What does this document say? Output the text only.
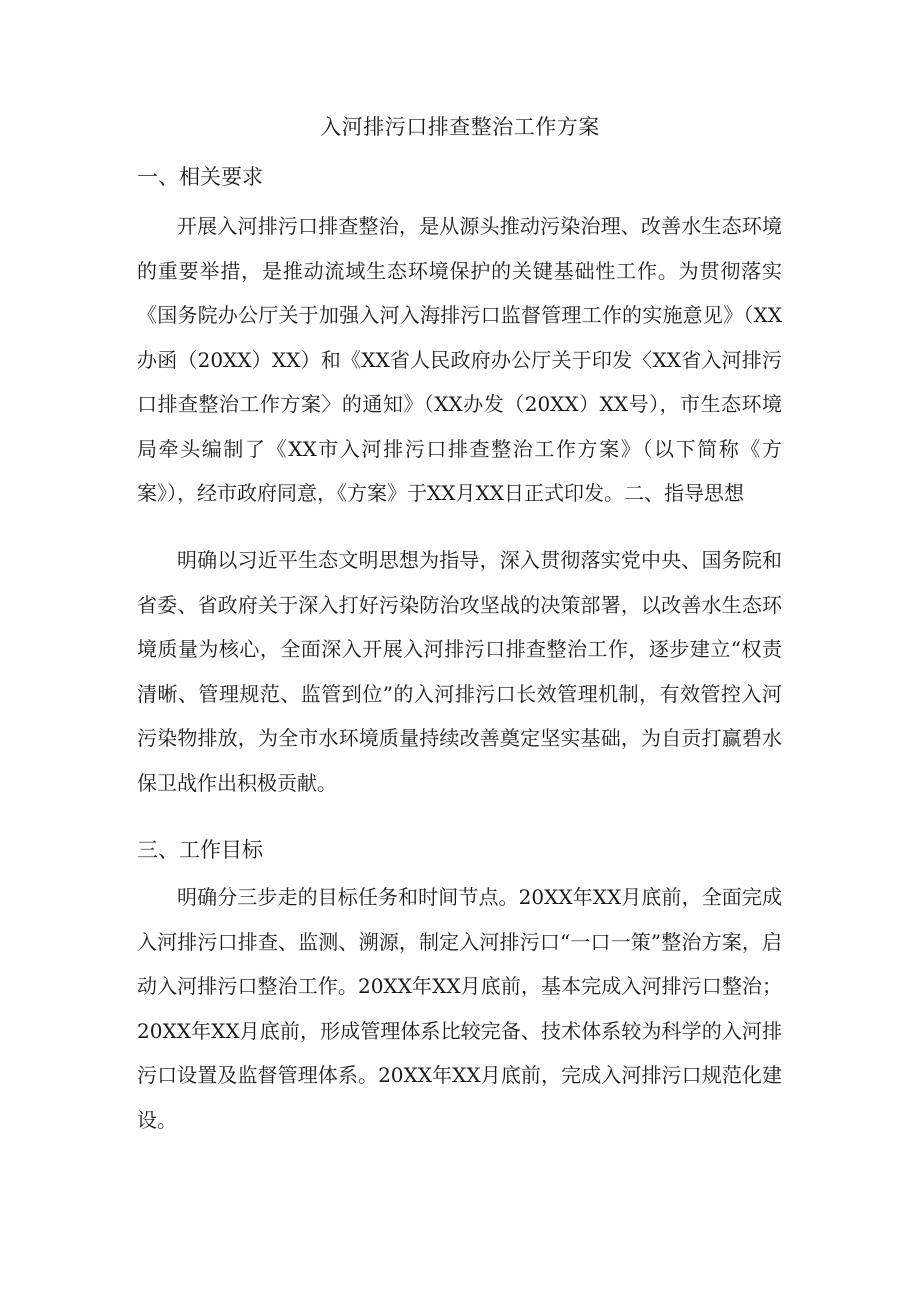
入河排污口排查整治工作方案
一、相关要求
开展入河排污口排查整治，是从源头推动污染治理、改善水生态环境的重要举措，是推动流域生态环境保护的关键基础性工作。为贯彻落实《国务院办公厅关于加强入河入海排污口监督管理工作的实施意见》（XX办函（20XX）XX）和《XX省人民政府办公厅关于印发〈XX省入河排污口排查整治工作方案〉的通知》（XX办发（20XX）XX号），市生态环境局牵头编制了《XX市入河排污口排查整治工作方案》（以下简称《方案》），经市政府同意，《方案》于XX月XX日正式印发。二、指导思想
明确以习近平生态文明思想为指导，深入贯彻落实党中央、国务院和省委、省政府关于深入打好污染防治攻坚战的决策部署，以改善水生态环境质量为核心，全面深入开展入河排污口排查整治工作，逐步建立“权责清晰、管理规范、监管到位”的入河排污口长效管理机制，有效管控入河污染物排放，为全市水环境质量持续改善奠定坚实基础，为自贡打赢碧水保卫战作出积极贡献。
三、工作目标
明确分三步走的目标任务和时间节点。20XX年XX月底前，全面完成入河排污口排查、监测、溯源，制定入河排污口“一口一策”整治方案，启动入河排污口整治工作。20XX年XX月底前，基本完成入河排污口整治；20XX年XX月底前，形成管理体系比较完备、技术体系较为科学的入河排污口设置及监督管理体系。20XX年XX月底前，完成入河排污口规范化建设。
